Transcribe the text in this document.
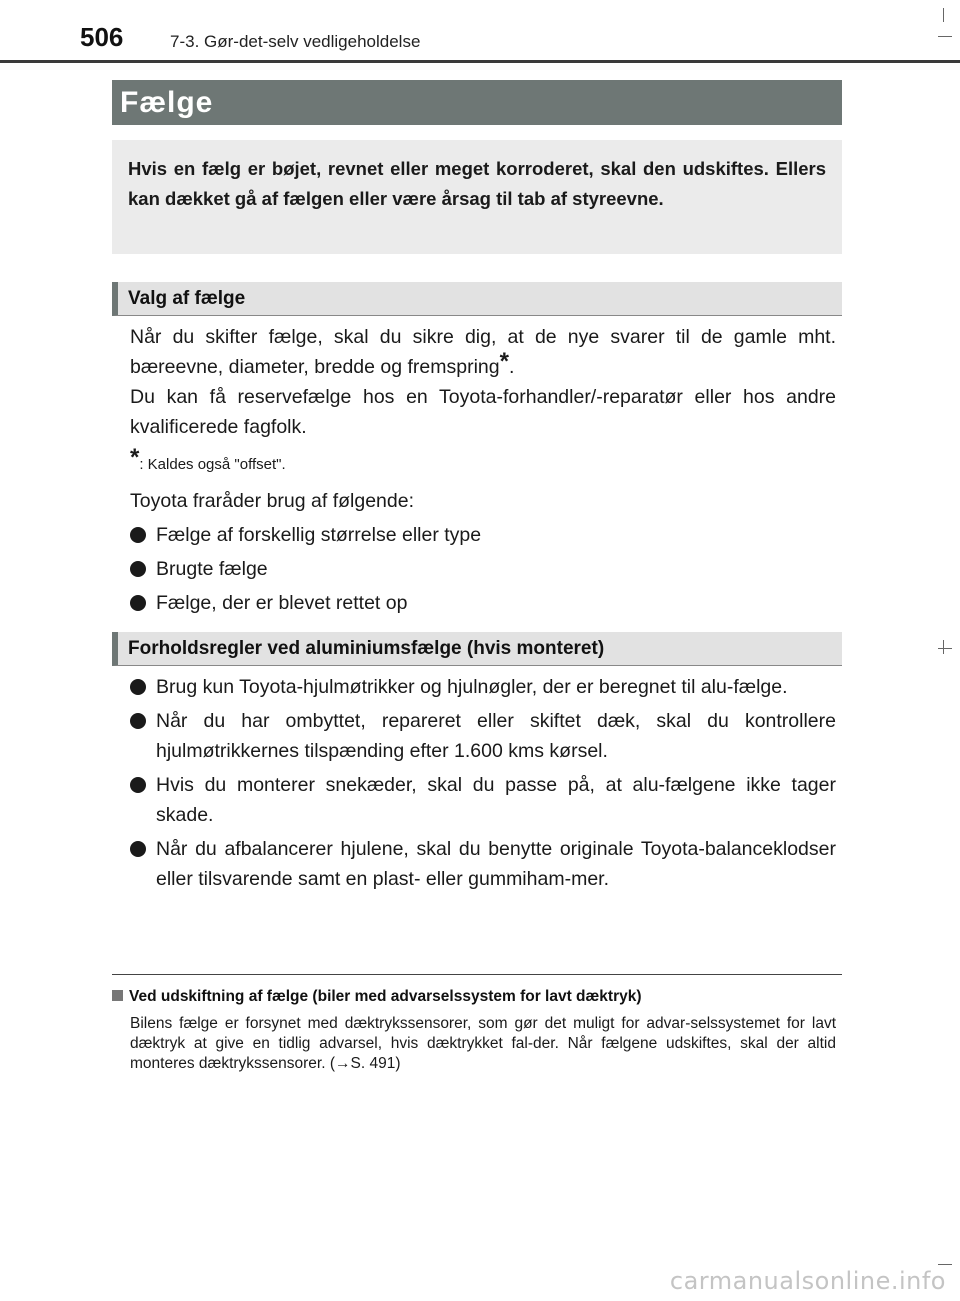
506	7-3. Gør-det-selv vedligeholdelse
Fælge
Hvis en fælg er bøjet, revnet eller meget korroderet, skal den udskiftes. Ellers kan dækket gå af fælgen eller være årsag til tab af styreevne.
Valg af fælge

Når du skifter fælge, skal du sikre dig, at de nye svarer til de gamle mht. bæreevne, diameter, bredde og fremspring*.

Du kan få reservefælge hos en Toyota-forhandler/-reparatør eller hos andre kvalificerede fagfolk.

*: Kaldes også "offset".

Toyota fraråder brug af følgende:

Fælge af forskellig størrelse eller type
Brugte fælge
Fælge, der er blevet rettet op
Forholdsregler ved aluminiumsfælge (hvis monteret)
Brug kun Toyota-hjulmøtrikker og hjulnøgler, der er beregnet til alu-fælge.
Når du har ombyttet, repareret eller skiftet dæk, skal du kontrollere hjulmøtrikkernes tilspænding efter 1.600 kms kørsel.
Hvis du monterer snekæder, skal du passe på, at alu-fælgene ikke tager skade.
Når du afbalancerer hjulene, skal du benytte originale Toyota-balanceklodser eller tilsvarende samt en plast- eller gummiham-mer.
Ved udskiftning af fælge (biler med advarselssystem for lavt dæktryk)
Bilens fælge er forsynet med dæktrykssensorer, som gør det muligt for advar-selssystemet for lavt dæktryk at give en tidlig advarsel, hvis dæktrykket fal-der. Når fælgene udskiftes, skal der altid monteres dæktrykssensorer. (→S. 491)
carmanualsonline.info
